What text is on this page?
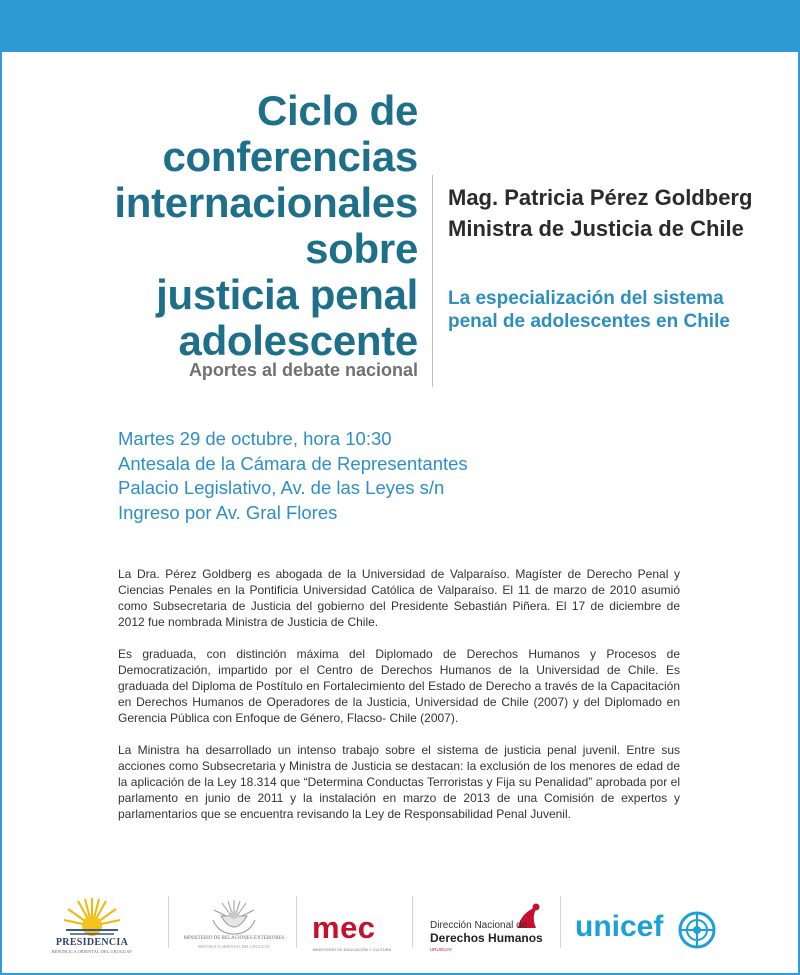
Ciclo de
conferencias
internacionales
sobre
justicia penal
adolescente
Aportes al debate nacional
Mag. Patricia Pérez Goldberg
Ministra de Justicia de Chile
La especialización del sistema penal de adolescentes en Chile
Martes 29 de octubre, hora 10:30
Antesala de la Cámara de Representantes
Palacio Legislativo, Av. de las Leyes s/n
Ingreso por Av. Gral Flores

La Dra. Pérez Goldberg es abogada de la Universidad de Valparaíso. Magíster de Derecho Penal y Ciencias Penales en la Pontificia Universidad Católica de Valparaíso. El 11 de marzo de 2010 asumió como Subsecretaria de Justicia del gobierno del Presidente Sebastián Piñera. El 17 de diciembre de 2012 fue nombrada Ministra de Justicia de Chile.

Es graduada, con distinción máxima del Diplomado de Derechos Humanos y Procesos de Democratización, impartido por el Centro de Derechos Humanos de la Universidad de Chile. Es graduada del Diploma de Postítulo en Fortalecimiento del Estado de Derecho a través de la Capacitación en Derechos Humanos de Operadores de la Justicia, Universidad de Chile (2007) y del Diplomado en Gerencia Pública con Enfoque de Género, Flacso- Chile (2007).

La Ministra ha desarrollado un intenso trabajo sobre el sistema de justicia penal juvenil. Entre sus acciones como Subsecretaria y Ministra de Justicia se destacan: la exclusión de los menores de edad de la aplicación de la Ley 18.314 que “Determina Conductas Terroristas y Fija su Penalidad” aprobada por el parlamento en junio de 2011 y la instalación en marzo de 2013 de una Comisión de expertos y parlamentarios que se encuentra revisando la Ley de Responsabilidad Penal Juvenil.

PRESIDENCIA
REPÚBLICA ORIENTAL DEL URUGUAY
MINISTERIO DE RELACIONES EXTERIORES
REPÚBLICA ORIENTAL DEL URUGUAY
mec
MINISTERIO DE EDUCACIÓN Y CULTURA
Dirección Nacional de
Derechos Humanos
URUGUAY
unicef
